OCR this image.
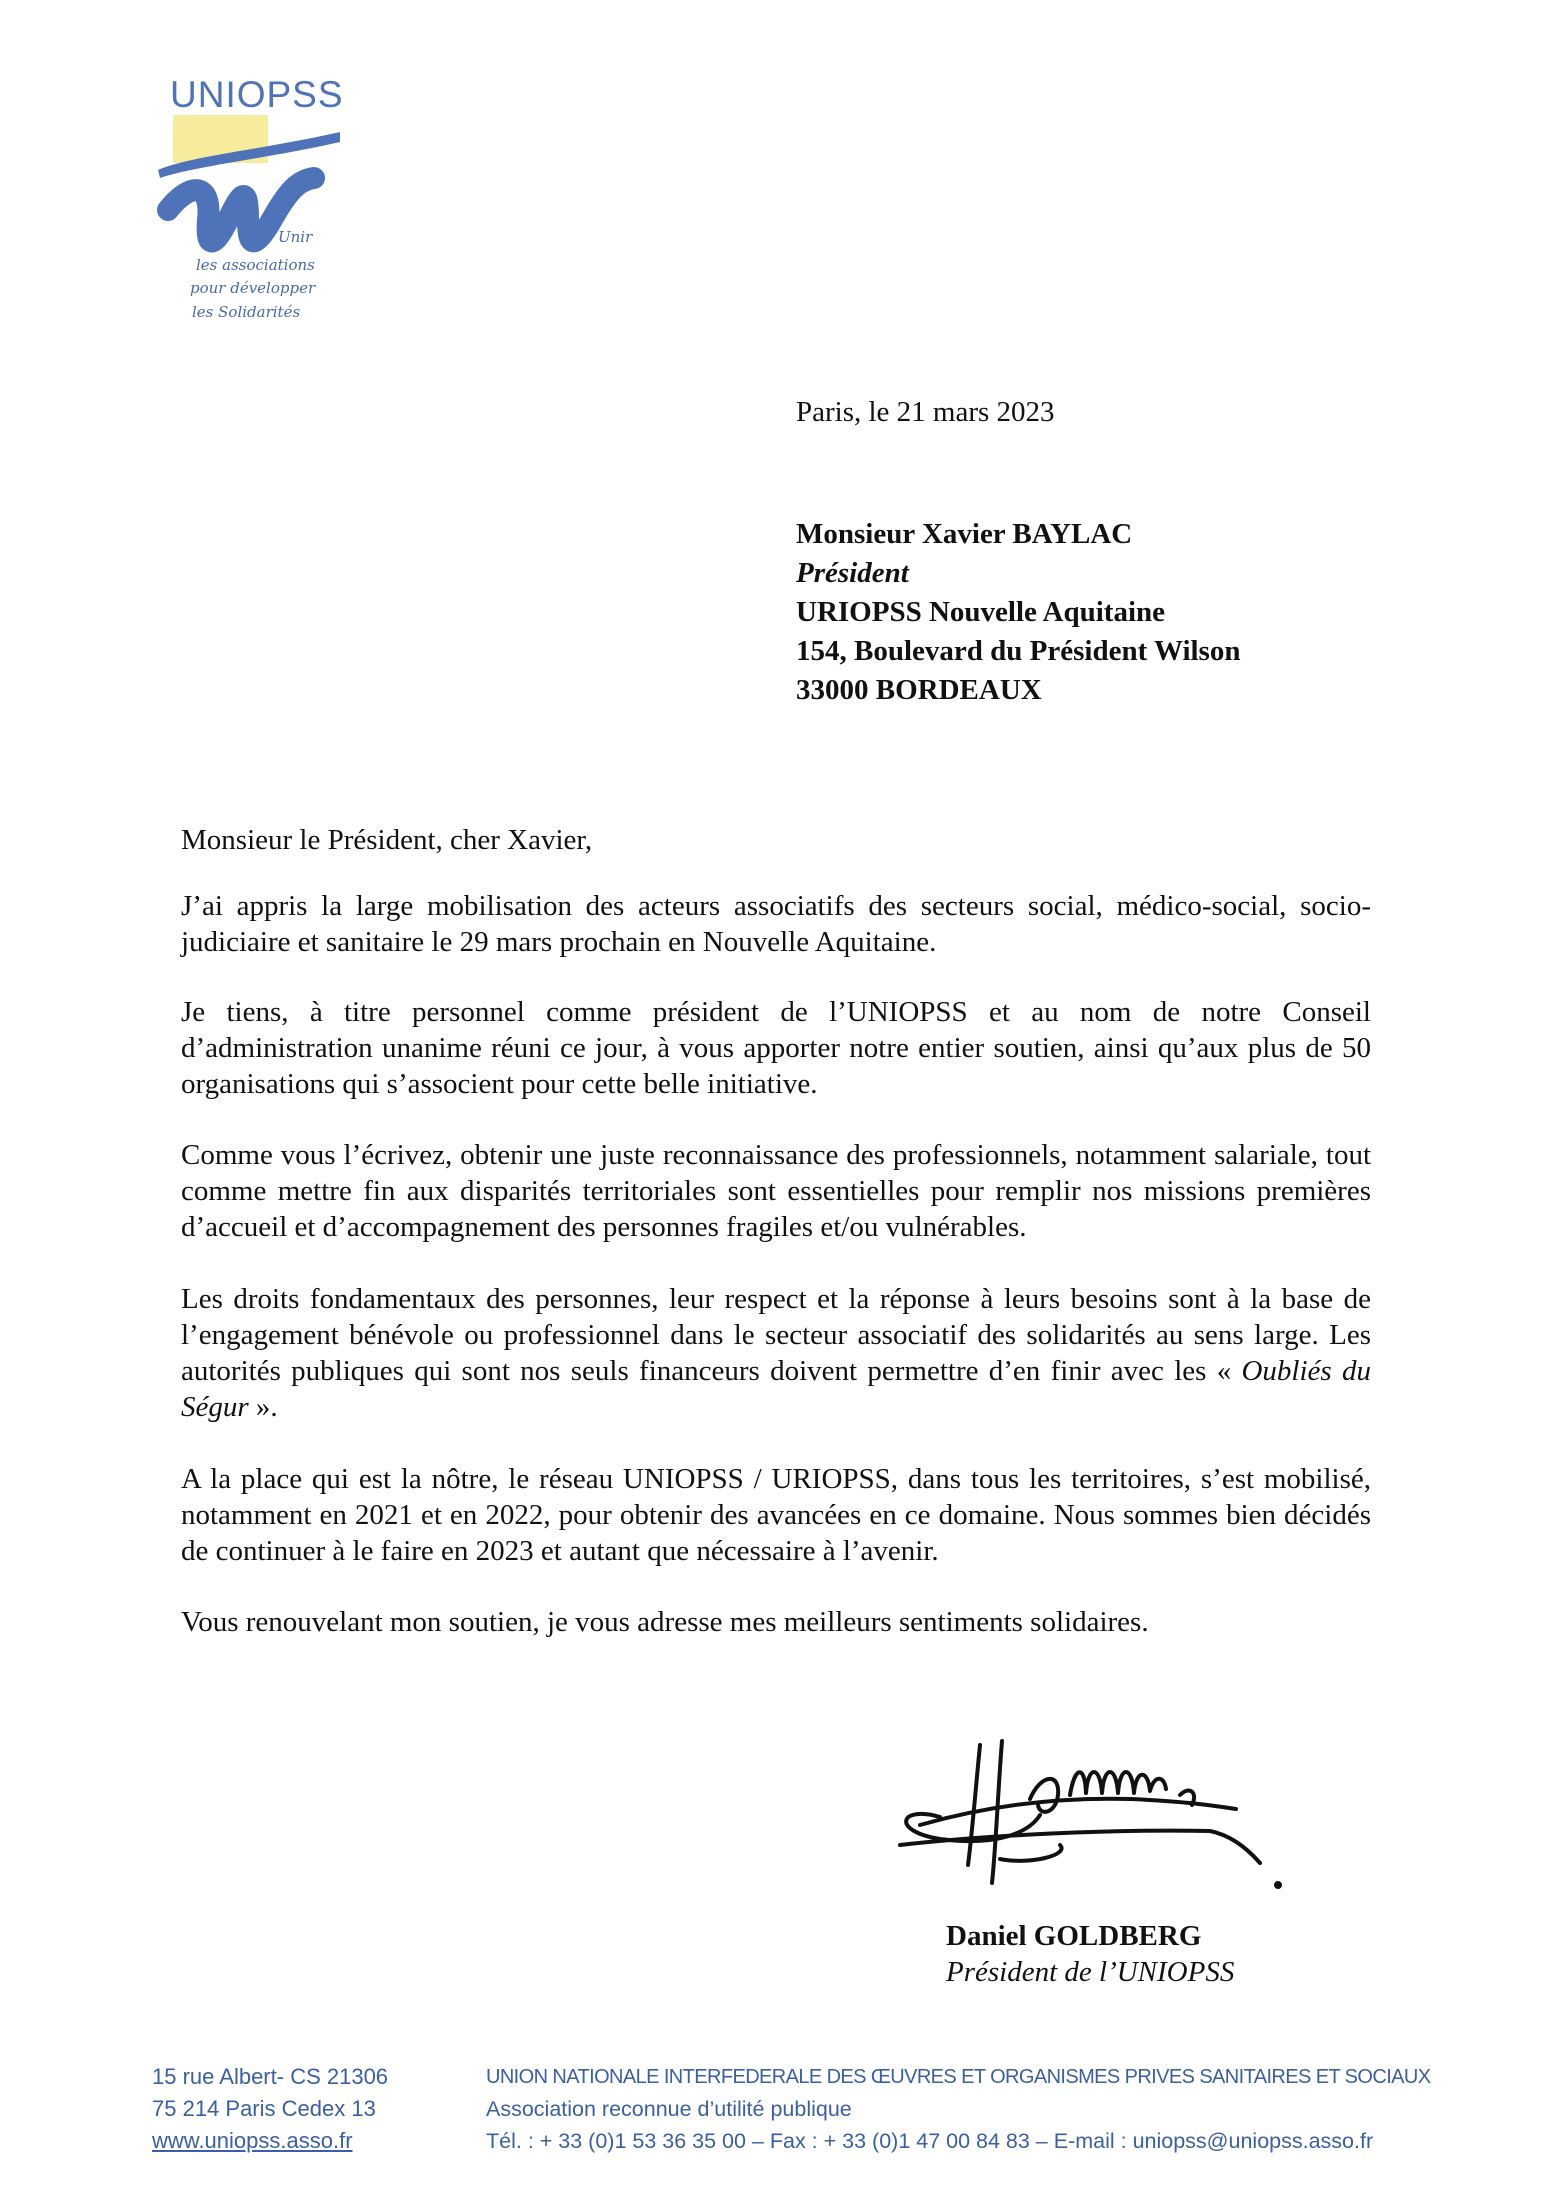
UNIOPSS
Unir
les associations
pour développer
les Solidarités
Paris, le 21 mars 2023
Monsieur Xavier BAYLAC
Président
URIOPSS Nouvelle Aquitaine
154, Boulevard du Président Wilson
33000 BORDEAUX

Monsieur le Président, cher Xavier,

J’ai appris la large mobilisation des acteurs associatifs des secteurs social, médico-social, socio-judiciaire et sanitaire le 29 mars prochain en Nouvelle Aquitaine.

Je tiens, à titre personnel comme président de l’UNIOPSS et au nom de notre Conseil d’administration unanime réuni ce jour, à vous apporter notre entier soutien, ainsi qu’aux plus de 50 organisations qui s’associent pour cette belle initiative.

Comme vous l’écrivez, obtenir une juste reconnaissance des professionnels, notamment salariale, tout comme mettre fin aux disparités territoriales sont essentielles pour remplir nos missions premières d’accueil et d’accompagnement des personnes fragiles et/ou vulnérables.

Les droits fondamentaux des personnes, leur respect et la réponse à leurs besoins sont à la base de l’engagement bénévole ou professionnel dans le secteur associatif des solidarités au sens large. Les autorités publiques qui sont nos seuls financeurs doivent permettre d’en finir avec les « Oubliés du Ségur ».

A la place qui est la nôtre, le réseau UNIOPSS / URIOPSS, dans tous les territoires, s’est mobilisé, notamment en 2021 et en 2022, pour obtenir des avancées en ce domaine. Nous sommes bien décidés de continuer à le faire en 2023 et autant que nécessaire à l’avenir.

Vous renouvelant mon soutien, je vous adresse mes meilleurs sentiments solidaires.

Daniel GOLDBERG
Président de l’UNIOPSS
15 rue Albert- CS 21306
75 214 Paris Cedex 13
www.uniopss.asso.fr
UNION NATIONALE INTERFEDERALE DES ŒUVRES ET ORGANISMES PRIVES SANITAIRES ET SOCIAUX
Association reconnue d’utilité publique
Tél. : + 33 (0)1 53 36 35 00 – Fax : + 33 (0)1 47 00 84 83 – E-mail : uniopss@uniopss.asso.fr
